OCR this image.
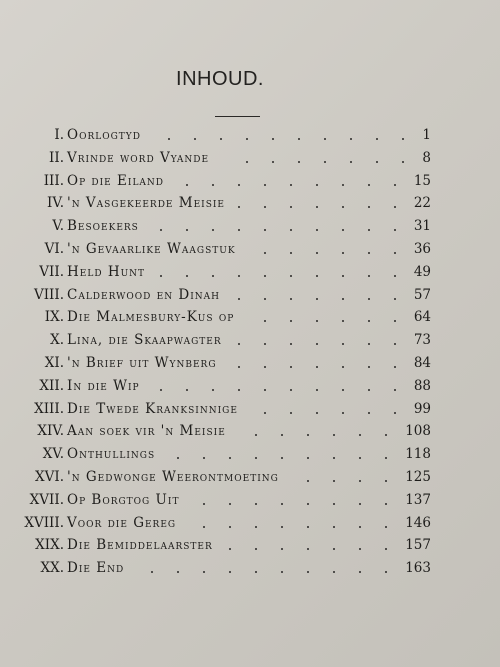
INHOUD.
I. Oorlogtyd	1
II. Vrinde word Vyande	8
III. Op die Eiland	15
IV. 'n Vasgekeerde Meisie	22
V. Besoekers	31
VI. 'n Gevaarlike Waagstuk	36
VII. Held Hunt	49
VIII. Calderwood en Dinah	57
IX. Die Malmesbury-Kus op	64
X. Lina, die Skaapwagter	73
XI. 'n Brief uit Wynberg	84
XII. In die Wip	88
XIII. Die Twede Kranksinnige	99
XIV. Aan soek vir 'n Meisie	108
XV. Onthullings	118
XVI. 'n Gedwonge Weerontmoeting	125
XVII. Op Borgtog Uit	137
XVIII. Voor die Gereg	146
XIX. Die Bemiddelaarster	157
XX. Die End	163
